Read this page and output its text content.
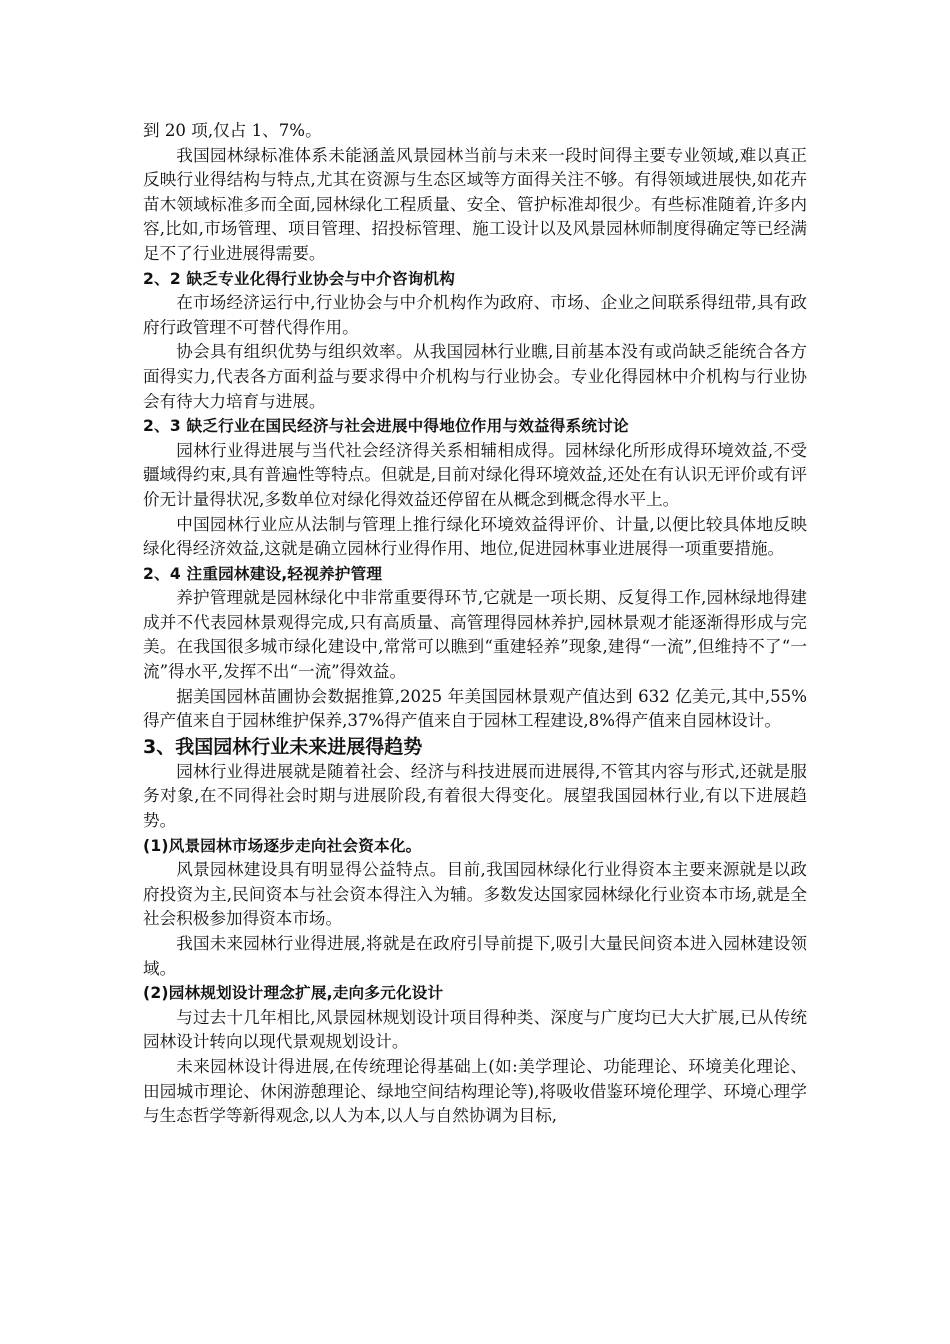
到 20 项,仅占 1、7%。

我国园林绿标准体系未能涵盖风景园林当前与未来一段时间得主要专业领域,难以真正反映行业得结构与特点,尤其在资源与生态区域等方面得关注不够。有得领域进展快,如花卉苗木领域标准多而全面,园林绿化工程质量、安全、管护标准却很少。有些标准随着,许多内容,比如,市场管理、项目管理、招投标管理、施工设计以及风景园林师制度得确定等已经满足不了行业进展得需要。

2、2 缺乏专业化得行业协会与中介咨询机构

在市场经济运行中,行业协会与中介机构作为政府、市场、企业之间联系得纽带,具有政府行政管理不可替代得作用。

协会具有组织优势与组织效率。从我国园林行业瞧,目前基本没有或尚缺乏能统合各方面得实力,代表各方面利益与要求得中介机构与行业协会。专业化得园林中介机构与行业协会有待大力培育与进展。

2、3 缺乏行业在国民经济与社会进展中得地位作用与效益得系统讨论

园林行业得进展与当代社会经济得关系相辅相成得。园林绿化所形成得环境效益,不受疆域得约束,具有普遍性等特点。但就是,目前对绿化得环境效益,还处在有认识无评价或有评价无计量得状况,多数单位对绿化得效益还停留在从概念到概念得水平上。

中国园林行业应从法制与管理上推行绿化环境效益得评价、计量,以便比较具体地反映绿化得经济效益,这就是确立园林行业得作用、地位,促进园林事业进展得一项重要措施。

2、4 注重园林建设,轻视养护管理

养护管理就是园林绿化中非常重要得环节,它就是一项长期、反复得工作,园林绿地得建成并不代表园林景观得完成,只有高质量、高管理得园林养护,园林景观才能逐渐得形成与完美。在我国很多城市绿化建设中,常常可以瞧到“重建轻养”现象,建得“一流”,但维持不了“一流”得水平,发挥不出“一流”得效益。

据美国园林苗圃协会数据推算,2025 年美国园林景观产值达到 632 亿美元,其中,55%得产值来自于园林维护保养,37%得产值来自于园林工程建设,8%得产值来自园林设计。

3、我国园林行业未来进展得趋势

园林行业得进展就是随着社会、经济与科技进展而进展得,不管其内容与形式,还就是服务对象,在不同得社会时期与进展阶段,有着很大得变化。展望我国园林行业,有以下进展趋势。

(1)风景园林市场逐步走向社会资本化。

风景园林建设具有明显得公益特点。目前,我国园林绿化行业得资本主要来源就是以政府投资为主,民间资本与社会资本得注入为辅。多数发达国家园林绿化行业资本市场,就是全社会积极参加得资本市场。

我国未来园林行业得进展,将就是在政府引导前提下,吸引大量民间资本进入园林建设领域。

(2)园林规划设计理念扩展,走向多元化设计

与过去十几年相比,风景园林规划设计项目得种类、深度与广度均已大大扩展,已从传统园林设计转向以现代景观规划设计。

未来园林设计得进展,在传统理论得基础上(如:美学理论、功能理论、环境美化理论、田园城市理论、休闲游憩理论、绿地空间结构理论等),将吸收借鉴环境伦理学、环境心理学与生态哲学等新得观念,以人为本,以人与自然协调为目标,
